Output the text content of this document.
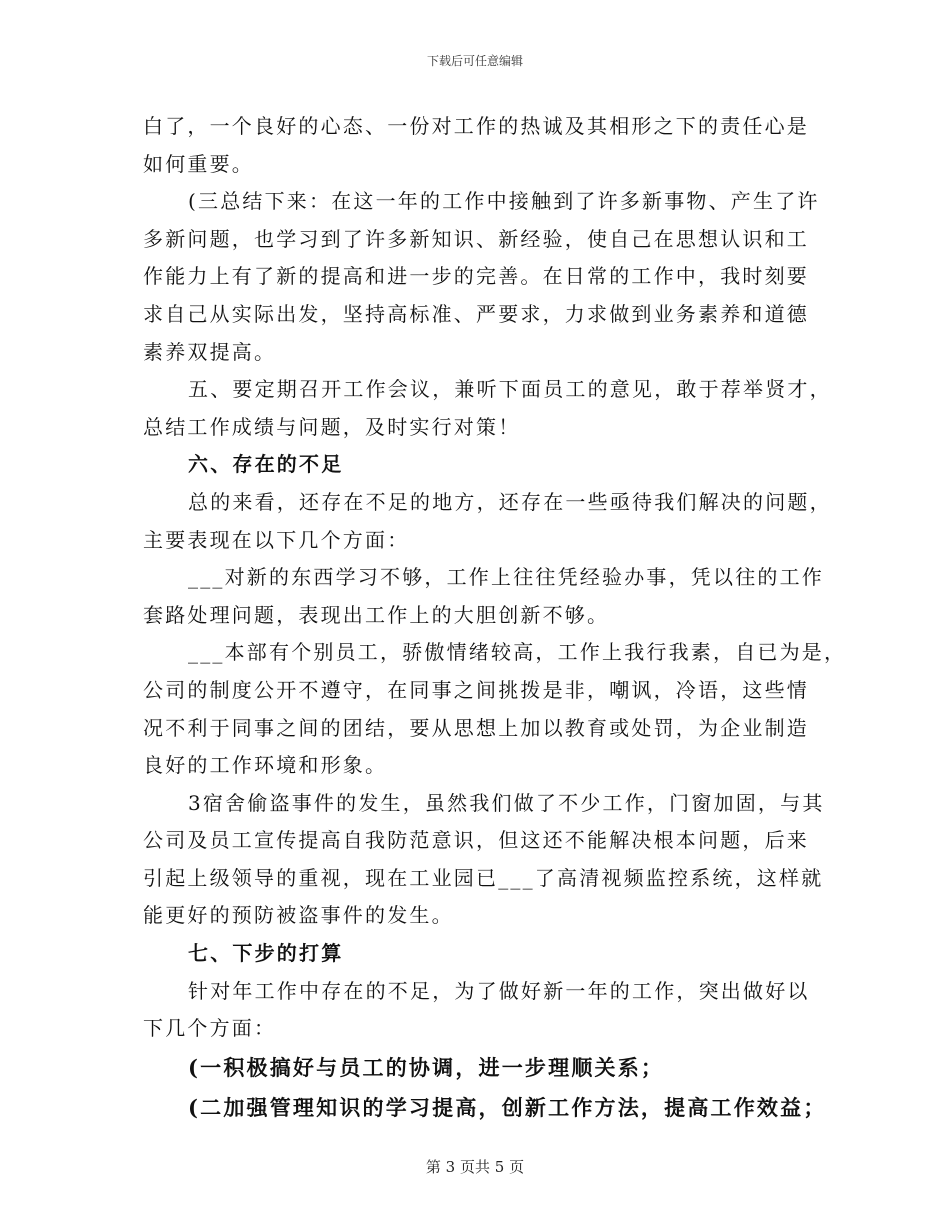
下载后可任意编辑
白了，一个良好的心态、一份对工作的热诚及其相形之下的责任心是
如何重要。
(三总结下来：在这一年的工作中接触到了许多新事物、产生了许
多新问题，也学习到了许多新知识、新经验，使自己在思想认识和工
作能力上有了新的提高和进一步的完善。在日常的工作中，我时刻要
求自己从实际出发，坚持高标准、严要求，力求做到业务素养和道德
素养双提高。
五、要定期召开工作会议，兼听下面员工的意见，敢于荐举贤才，
总结工作成绩与问题，及时实行对策！
六、存在的不足
总的来看，还存在不足的地方，还存在一些亟待我们解决的问题，
主要表现在以下几个方面：
___对新的东西学习不够，工作上往往凭经验办事，凭以往的工作
套路处理问题，表现出工作上的大胆创新不够。
___本部有个别员工，骄傲情绪较高，工作上我行我素，自已为是，
公司的制度公开不遵守，在同事之间挑拨是非，嘲讽，冷语，这些情
况不利于同事之间的团结，要从思想上加以教育或处罚，为企业制造
良好的工作环境和形象。
3宿舍偷盗事件的发生，虽然我们做了不少工作，门窗加固，与其
公司及员工宣传提高自我防范意识，但这还不能解决根本问题，后来
引起上级领导的重视，现在工业园已___了高清视频监控系统，这样就
能更好的预防被盗事件的发生。
七、下步的打算
针对年工作中存在的不足，为了做好新一年的工作，突出做好以
下几个方面：
(一积极搞好与员工的协调，进一步理顺关系；
(二加强管理知识的学习提高，创新工作方法，提高工作效益；
第 3 页共 5 页
